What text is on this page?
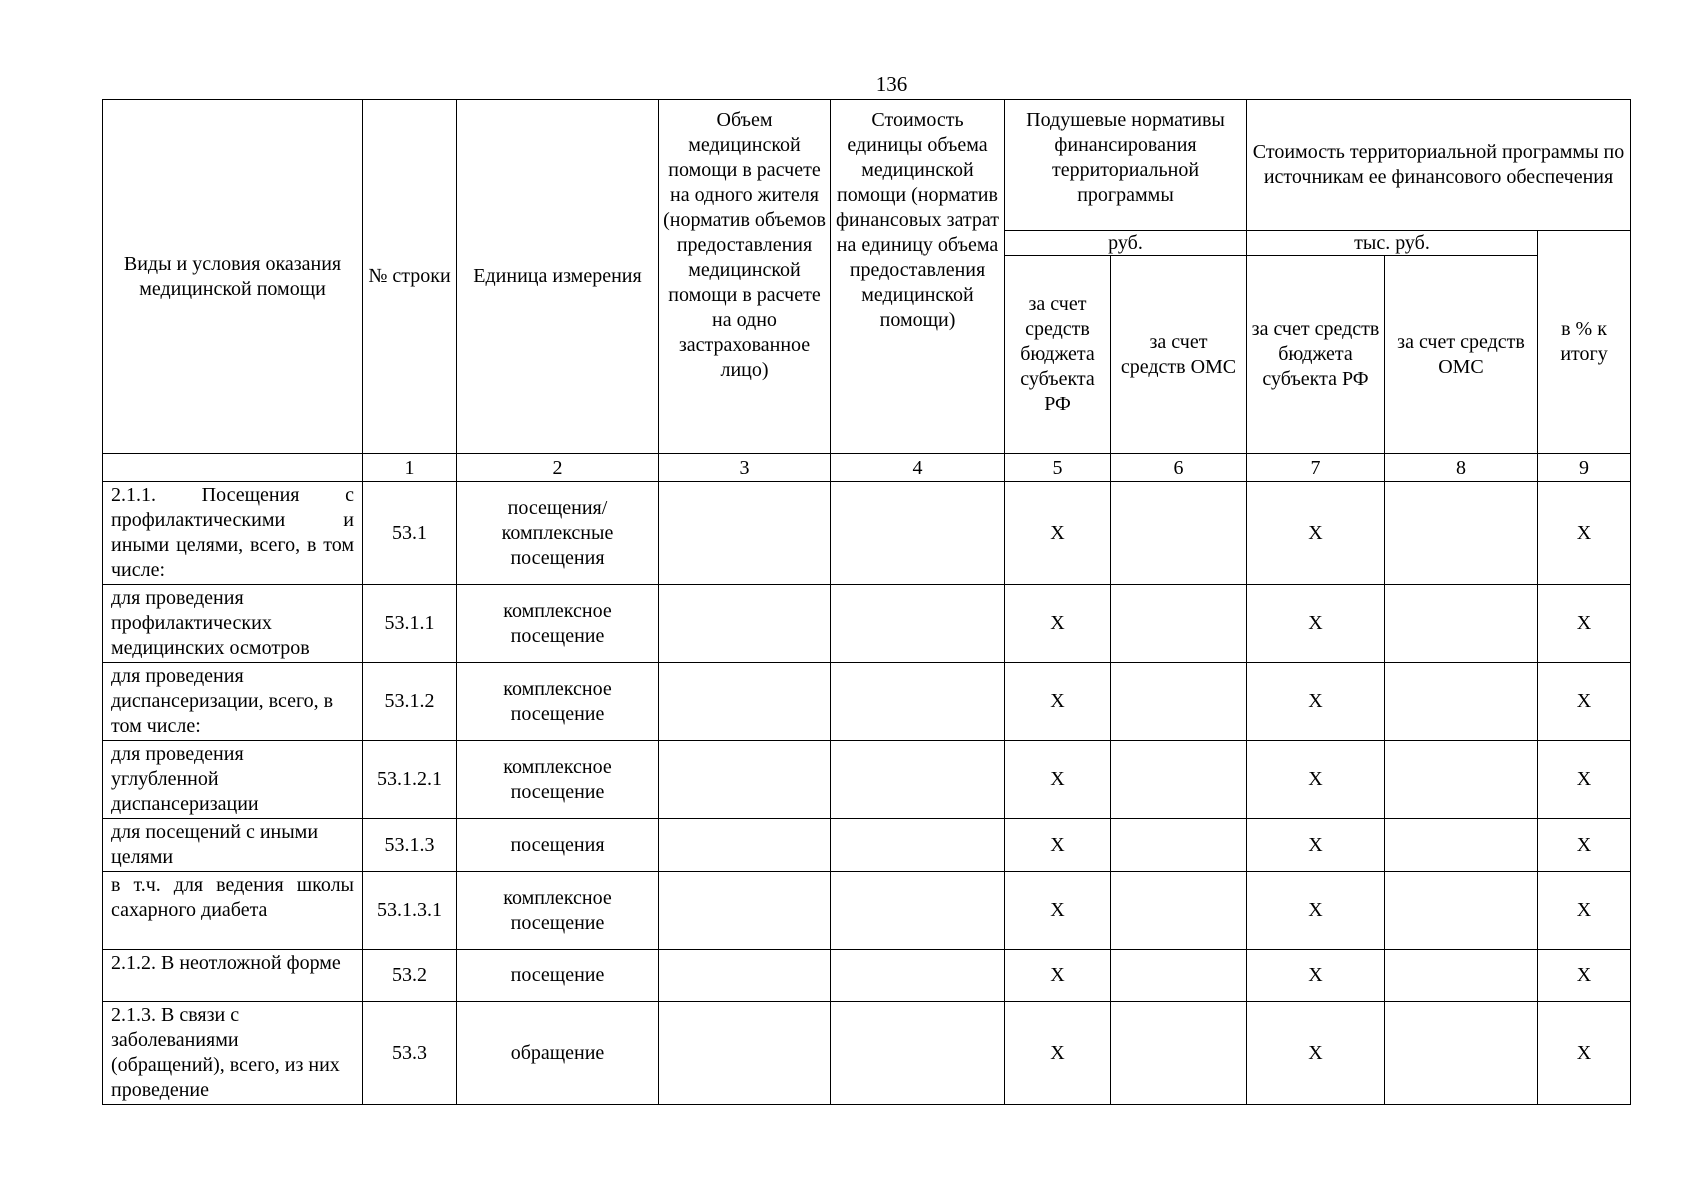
136
Виды и условия оказания медицинской помощи	№ строки	Единица измерения	Объем медицинской помощи в расчете на одного жителя (норматив объемов предоставления медицинской помощи в расчете на одно застрахованное лицо)	Стоимость единицы объема медицинской помощи (норматив финансовых затрат на единицу объема предоставления медицинской помощи)	Подушевые нормативы финансирования территориальной программы		Стоимость территориальной программы по источникам ее финансового обеспечения		
					руб.		тыс. руб.		в % к итогу
					за счет средств бюджета субъекта РФ	за счет средств ОМС	за счет средств бюджета субъекта РФ	за счет средств ОМС	
	1	2	3	4	5	6	7	8	9

2.1.1. Посещения с профилактическими и иными целями, всего, в том числе:	53.1	посещения/ комплексные посещения			Х		Х		Х
для проведения профилактических медицинских осмотров	53.1.1	комплексное посещение			Х		Х		Х
для проведения диспансеризации, всего, в том числе:	53.1.2	комплексное посещение			Х		Х		Х
для проведения углубленной диспансеризации	53.1.2.1	комплексное посещение			Х		Х		Х
для посещений с иными целями	53.1.3	посещения			Х		Х		Х

в т.ч. для ведения школы сахарного диабета	53.1.3.1	комплексное посещение			Х		Х		Х
2.1.2. В неотложной форме	53.2	посещение			Х		Х		Х
2.1.3. В связи с заболеваниями (обращений), всего, из них проведение	53.3	обращение			Х		Х		Х
